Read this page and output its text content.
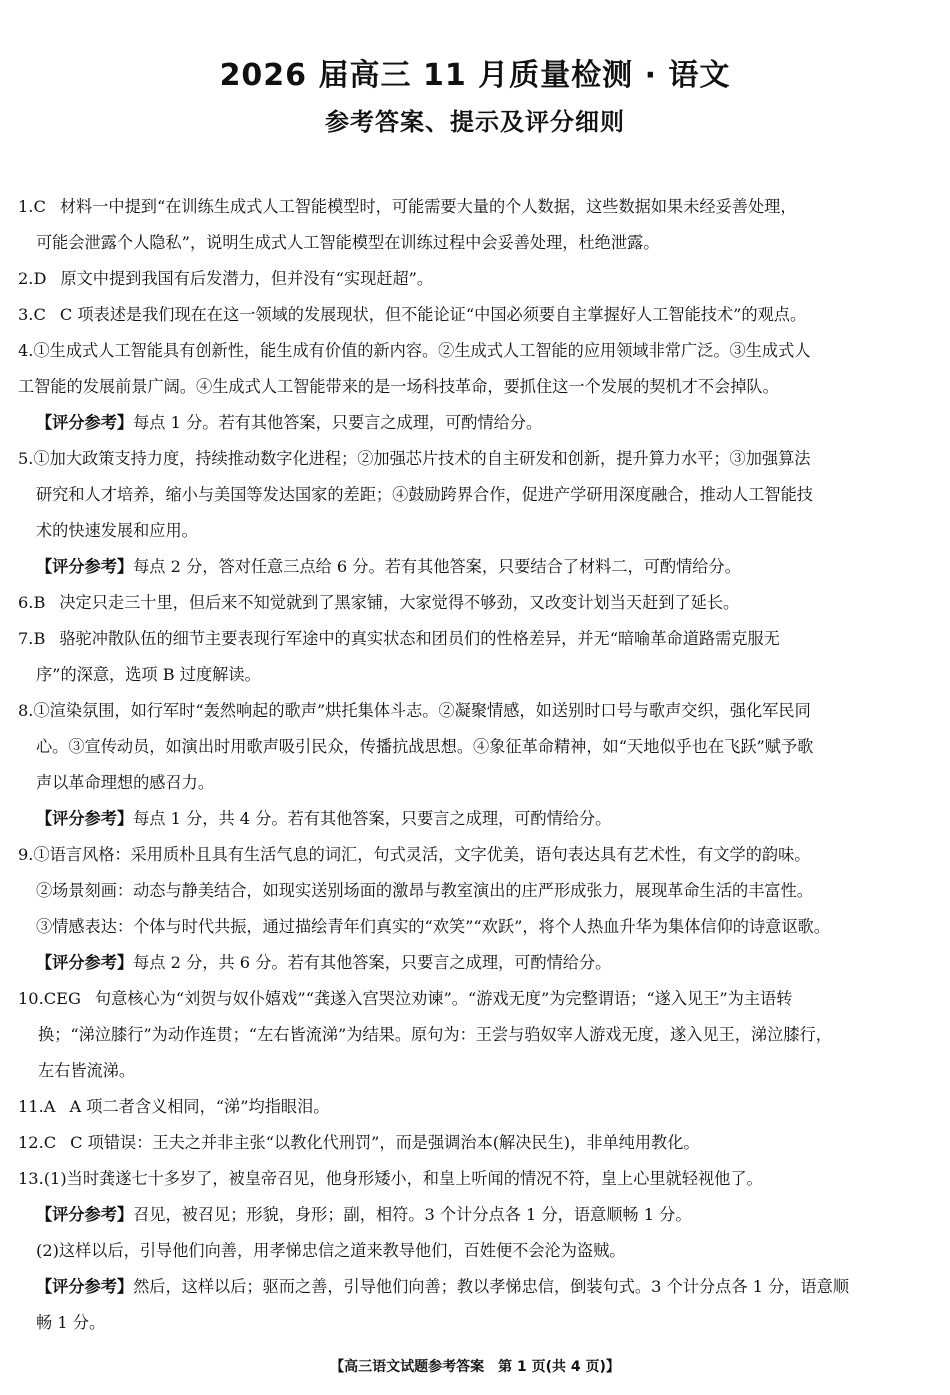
2026 届高三 11 月质量检测 · 语文
参考答案、提示及评分细则
1.C 材料一中提到“在训练生成式人工智能模型时，可能需要大量的个人数据，这些数据如果未经妥善处理，
可能会泄露个人隐私”，说明生成式人工智能模型在训练过程中会妥善处理，杜绝泄露。
2.D 原文中提到我国有后发潜力，但并没有“实现赶超”。
3.C C 项表述是我们现在在这一领域的发展现状，但不能论证“中国必须要自主掌握好人工智能技术”的观点。
4.①生成式人工智能具有创新性，能生成有价值的新内容。②生成式人工智能的应用领域非常广泛。③生成式人
工智能的发展前景广阔。④生成式人工智能带来的是一场科技革命，要抓住这一个发展的契机才不会掉队。
【评分参考】每点 1 分。若有其他答案，只要言之成理，可酌情给分。
5.①加大政策支持力度，持续推动数字化进程；②加强芯片技术的自主研发和创新，提升算力水平；③加强算法
研究和人才培养，缩小与美国等发达国家的差距；④鼓励跨界合作，促进产学研用深度融合，推动人工智能技
术的快速发展和应用。
【评分参考】每点 2 分，答对任意三点给 6 分。若有其他答案，只要结合了材料二，可酌情给分。
6.B 决定只走三十里，但后来不知觉就到了黑家铺，大家觉得不够劲，又改变计划当天赶到了延长。
7.B 骆驼冲散队伍的细节主要表现行军途中的真实状态和团员们的性格差异，并无“暗喻革命道路需克服无
序”的深意，选项 B 过度解读。
8.①渲染氛围，如行军时“轰然响起的歌声”烘托集体斗志。②凝聚情感，如送别时口号与歌声交织，强化军民同
心。③宣传动员，如演出时用歌声吸引民众，传播抗战思想。④象征革命精神，如“天地似乎也在飞跃”赋予歌
声以革命理想的感召力。
【评分参考】每点 1 分，共 4 分。若有其他答案，只要言之成理，可酌情给分。
9.①语言风格：采用质朴且具有生活气息的词汇，句式灵活，文字优美，语句表达具有艺术性，有文学的韵味。
②场景刻画：动态与静美结合，如现实送别场面的激昂与教室演出的庄严形成张力，展现革命生活的丰富性。
③情感表达：个体与时代共振，通过描绘青年们真实的“欢笑”“欢跃”，将个人热血升华为集体信仰的诗意讴歌。
【评分参考】每点 2 分，共 6 分。若有其他答案，只要言之成理，可酌情给分。
10.CEG 句意核心为“刘贺与奴仆嬉戏”“龚遂入宫哭泣劝谏”。“游戏无度”为完整谓语；“遂入见王”为主语转
换；“涕泣膝行”为动作连贯；“左右皆流涕”为结果。原句为：王尝与驺奴宰人游戏无度，遂入见王，涕泣膝行，
左右皆流涕。
11.A A 项二者含义相同，“涕”均指眼泪。
12.C C 项错误：王夫之并非主张“以教化代刑罚”，而是强调治本(解决民生)，非单纯用教化。
13.(1)当时龚遂七十多岁了，被皇帝召见，他身形矮小，和皇上听闻的情况不符，皇上心里就轻视他了。
【评分参考】召见，被召见；形貌，身形；副，相符。3 个计分点各 1 分，语意顺畅 1 分。
(2)这样以后，引导他们向善，用孝悌忠信之道来教导他们，百姓便不会沦为盗贼。
【评分参考】然后，这样以后；驱而之善，引导他们向善；教以孝悌忠信，倒装句式。3 个计分点各 1 分，语意顺
畅 1 分。
【高三语文试题参考答案　第 1 页(共 4 页)】
